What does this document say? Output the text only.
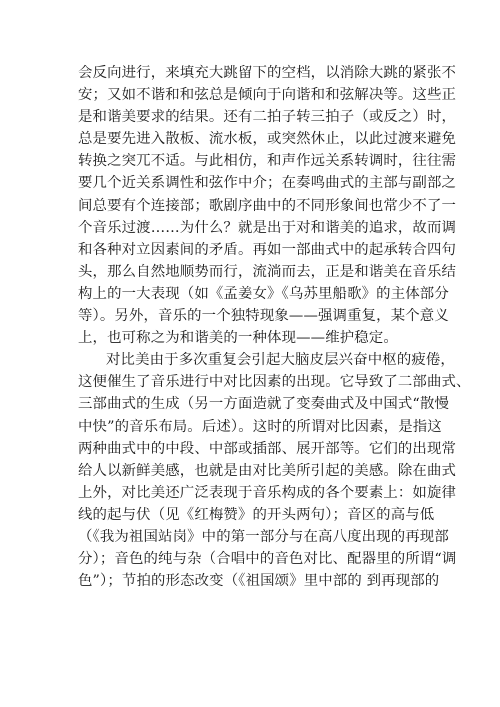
会反向进行，来填充大跳留下的空档，以消除大跳的紧张不
安；又如不谐和和弦总是倾向于向谐和和弦解决等。这些正
是和谐美要求的结果。还有二拍子转三拍子（或反之）时，
总是要先进入散板、流水板，或突然休止，以此过渡来避免
转换之突兀不适。与此相仿，和声作远关系转调时，往往需
要几个近关系调性和弦作中介；在奏鸣曲式的主部与副部之
间总要有个连接部；歌剧序曲中的不同形象间也常少不了一
个音乐过渡……为什么？就是出于对和谐美的追求，故而调
和各种对立因素间的矛盾。再如一部曲式中的起承转合四句
头，那么自然地顺势而行，流淌而去，正是和谐美在音乐结
构上的一大表现（如《孟姜女》《乌苏里船歌》的主体部分
等）。另外，音乐的一个独特现象——强调重复，某个意义
上，也可称之为和谐美的一种体现——维护稳定。
对比美由于多次重复会引起大脑皮层兴奋中枢的疲倦，
这便催生了音乐进行中对比因素的出现。它导致了二部曲式、
三部曲式的生成（另一方面造就了变奏曲式及中国式“散慢
中快”的音乐布局。后述）。这时的所谓对比因素，是指这
两种曲式中的中段、中部或插部、展开部等。它们的出现常
给人以新鲜美感，也就是由对比美所引起的美感。除在曲式
上外，对比美还广泛表现于音乐构成的各个要素上：如旋律
线的起与伏（见《红梅赞》的开头两句）；音区的高与低
（《我为祖国站岗》中的第一部分与在高八度出现的再现部
分）；音色的纯与杂（合唱中的音色对比、配器里的所谓“调
色”）；节拍的形态改变（《祖国颂》里中部的 到再现部的
